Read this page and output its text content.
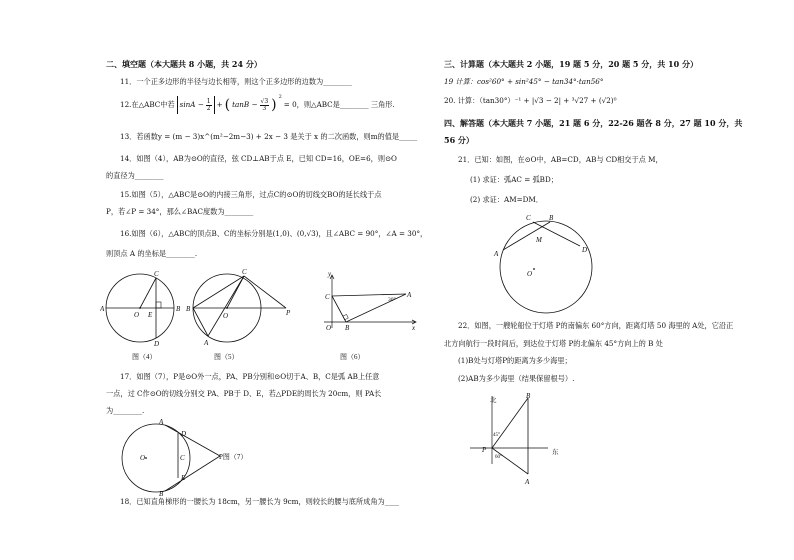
二、填空题（本大题共 8 小题，共 24 分）
11．一个正多边形的半径与边长相等，则这个正多边形的边数为________
12.在△ABC中若 $\sin A - \frac{1}{2}$ + ( $\tan B - \frac{√3}{3}$ ) $^2$
= 0，则△ABC是________ 三角形.
13．若函数y = (m − 3)x^(m²−2m−3) + 2x − 3 是关于 x 的二次函数，则m的值是_____
14．如图（4），AB为⊙O的直径，弦 CD⊥AB于点 E，已知 CD=16，OE=6，则⊙O
的直径为________
15.如图（5），△ABC是⊙O的内接三角形，过点C的⊙O的切线交BO的延长线于点
P，若∠P = 34°，那么∠BAC度数为________
16.如图（6），△ABC的顶点B、C的坐标分别是(1,0)、(0,√3)，且∠ABC = 90°，∠A = 30°，
则顶点 A 的坐标是________.
A	B
C
D
O E
B
C
A
O	P
y
x
C
B
A
O
30°
图（4）	图（5）	图（6）
17．如图（7），P是⊙O外一点，PA、PB分别和⊙O切于A、B，C是弧 AB上任意
一点，过 C作⊙O的切线分别交 PA、PB于 D、E，若△PDE的周长为 20cm，则 PA长
为________.
A
B
C
D
E
O	P图（7）
18．已知直角梯形的一腰长为 18cm，另一腰长为 9cm，则较长的腰与底所成角为____
三、计算题（本大题共 2 小题，19 题 5 分，20 题 5 分，共 10 分）
19 计算：cos²60° + sin²45° − tan34°·tan56°
20. 计算：（tan30°）⁻¹ + |√3 − 2| + ³√27 + (√2)⁰
四、解答题（本大题共 7 小题，21 题 6 分，22-26 题各 8 分，27 题 10 分，共
56 分）
21．已知：如图，在⊙O中，AB=CD，AB与 CD相交于点 M，
(1) 求证：弧AC = 弧BD；
(2) 求证：AM=DM．
A
B
C
D
M
O
22．如图，一艘轮船位于灯塔 P的南偏东 60°方向，距离灯塔 50 海里的 A处，它沿正
北方向航行一段时间后，到达位于灯塔 P的北偏东 45°方向上的 B 处
(1)B处与灯塔P的距离为多少海里；
(2)AB为多少海里（结果保留根号）.
北
东
P
A
B
45°
60°
